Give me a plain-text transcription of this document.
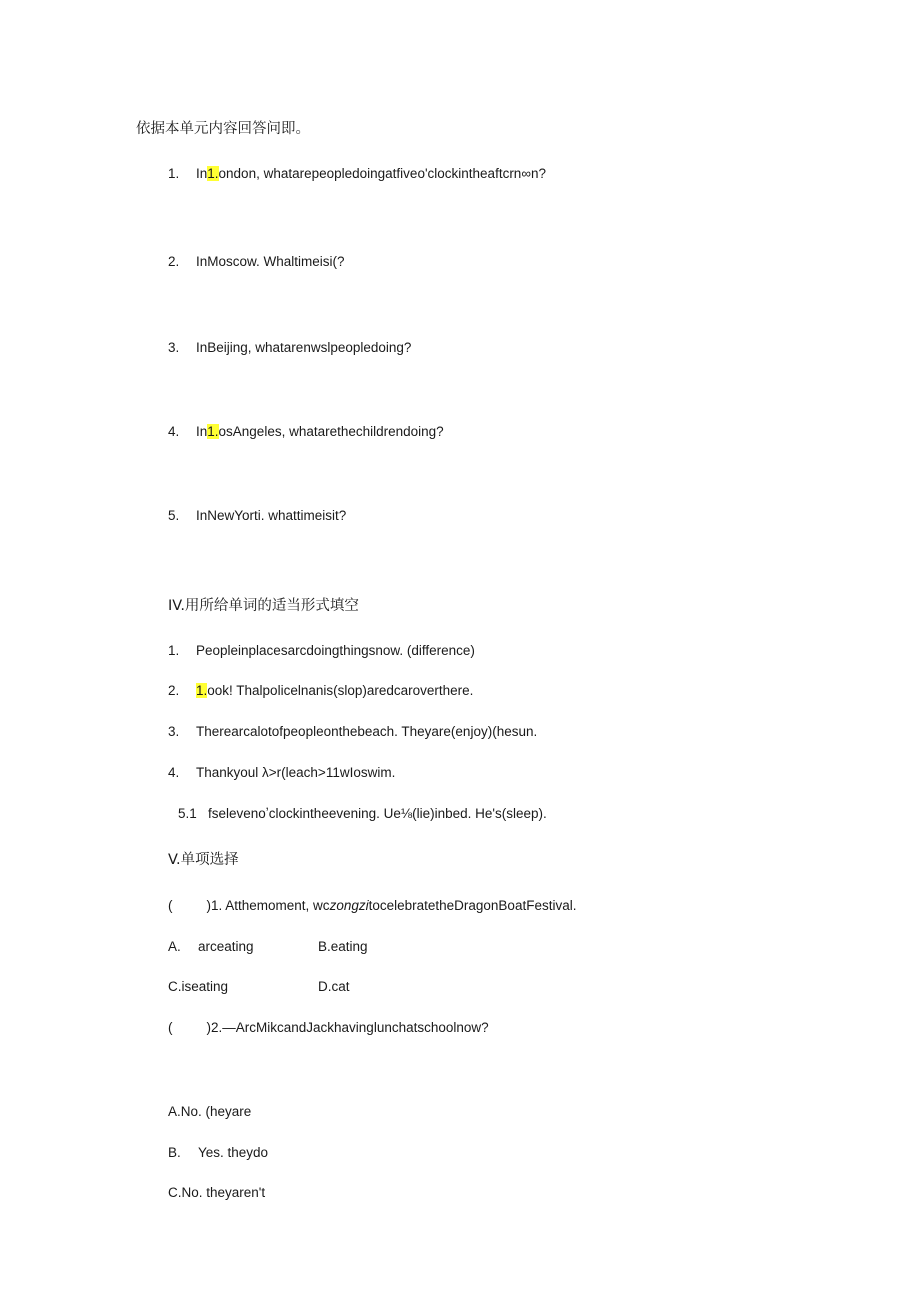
依据本单元内容回答问即。
1. In1.ondon, whatarepeopledoingatfiveo'clockintheaftcrn∞n?
2. InMoscow. Whaltimeisi(?
3. InBeijing, whatarenwslpeopledoing?
4. In1.osAngeles, whatarethechildrendoing?
5. InNewYorti. whattimeisit?
IV.用所给单词的适当形式填空
1. Peopleinplacesarcdoingthingsnow. (difference)
2. 1.ook! Thalpolicelnanis(slop)aredcaroverthere.
3. Therearcalotofpeopleonthebeach. Theyare(enjoy)(hesun.
4. Thankyoul λ>r(leach>11wIoswim.
5.1 fselevenoʼclockintheevening. Ue⅛(lie)inbed. He's(sleep).
V.单项选择
(	)1. Atthemoment, wczongzitocelebratetheDragonBoatFestival.
A. arceating	B.eating
C.iseating	D.cat
(	)2.—ArcMikcandJackhavinglunchatschoolnow?
A.No. (heyare
B. Yes. theydo
C.No. theyaren't
